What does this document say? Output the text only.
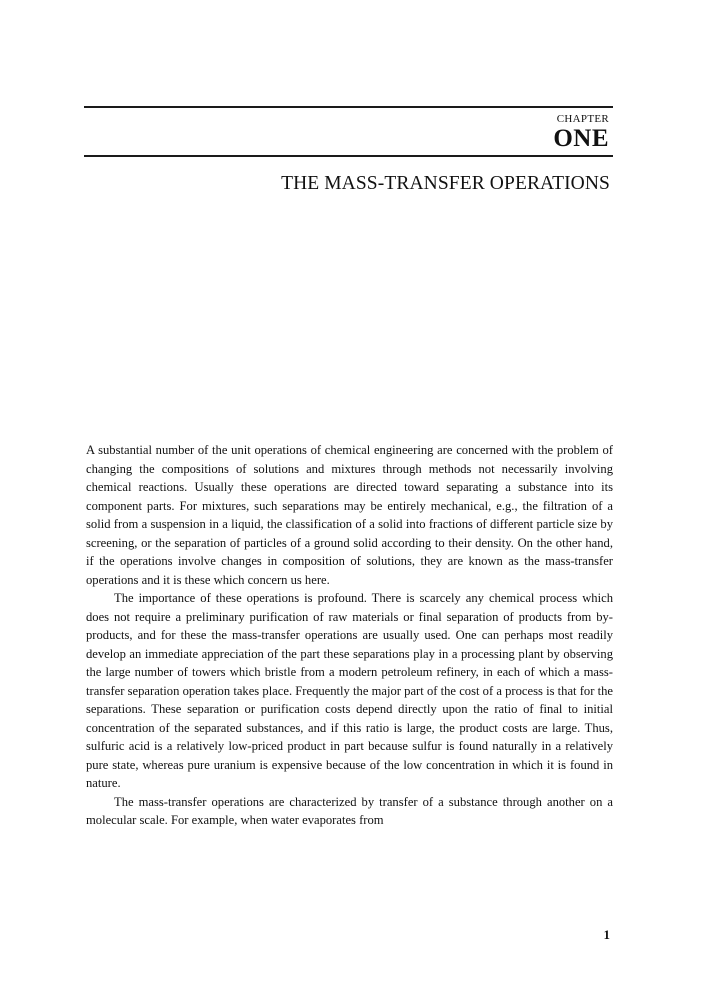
CHAPTER
ONE
THE MASS-TRANSFER OPERATIONS

A substantial number of the unit operations of chemical engineering are concerned with the problem of changing the compositions of solutions and mixtures through methods not necessarily involving chemical reactions. Usually these operations are directed toward separating a substance into its component parts. For mixtures, such separations may be entirely mechanical, e.g., the filtration of a solid from a suspension in a liquid, the classification of a solid into fractions of different particle size by screening, or the separation of particles of a ground solid according to their density. On the other hand, if the operations involve changes in composition of solutions, they are known as the mass-transfer operations and it is these which concern us here.

The importance of these operations is profound. There is scarcely any chemical process which does not require a preliminary purification of raw materials or final separation of products from by-products, and for these the mass-transfer operations are usually used. One can perhaps most readily develop an immediate appreciation of the part these separations play in a processing plant by observing the large number of towers which bristle from a modern petroleum refinery, in each of which a mass-transfer separation operation takes place. Frequently the major part of the cost of a process is that for the separations. These separation or purification costs depend directly upon the ratio of final to initial concentration of the separated substances, and if this ratio is large, the product costs are large. Thus, sulfuric acid is a relatively low-priced product in part because sulfur is found naturally in a relatively pure state, whereas pure uranium is expensive because of the low concentration in which it is found in nature.

The mass-transfer operations are characterized by transfer of a substance through another on a molecular scale. For example, when water evaporates from

1
